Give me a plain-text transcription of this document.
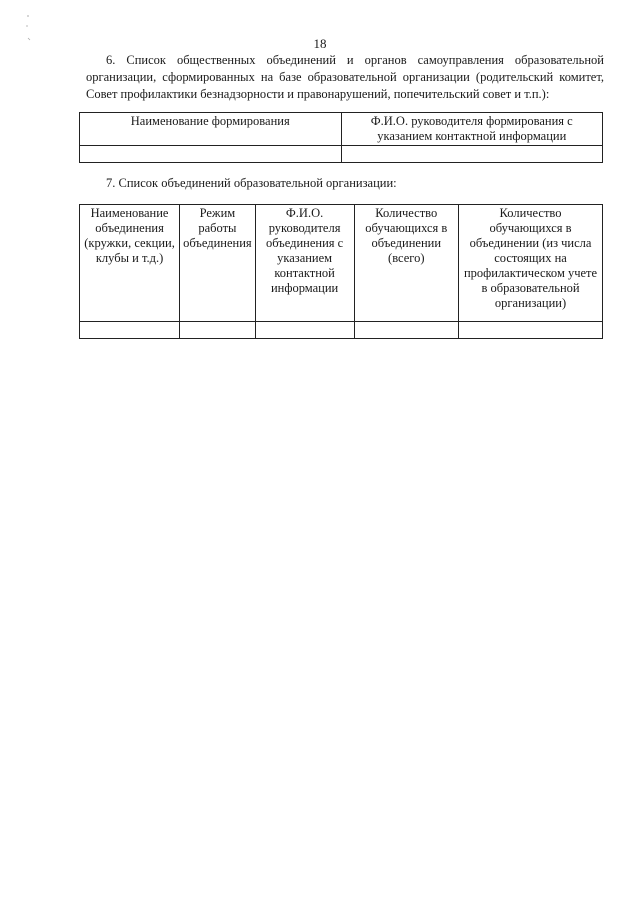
18
6. Список общественных объединений и органов самоуправления образовательной организации, сформированных на базе образовательной организации (родительский комитет, Совет профилактики безнадзорности и правонарушений, попечительский совет и т.п.):
Наименование формирования	Ф.И.О. руководителя формирования с указанием контактной информации

7. Список объединений образовательной организации:
Наименование объединения (кружки, секции, клубы и т.д.)	Режим работы объединения	Ф.И.О. руководителя объединения с указанием контактной информации	Количество обучающихся в объединении (всего)	Количество обучающихся в объединении (из числа состоящих на профилактическом учете в образовательной организации)
